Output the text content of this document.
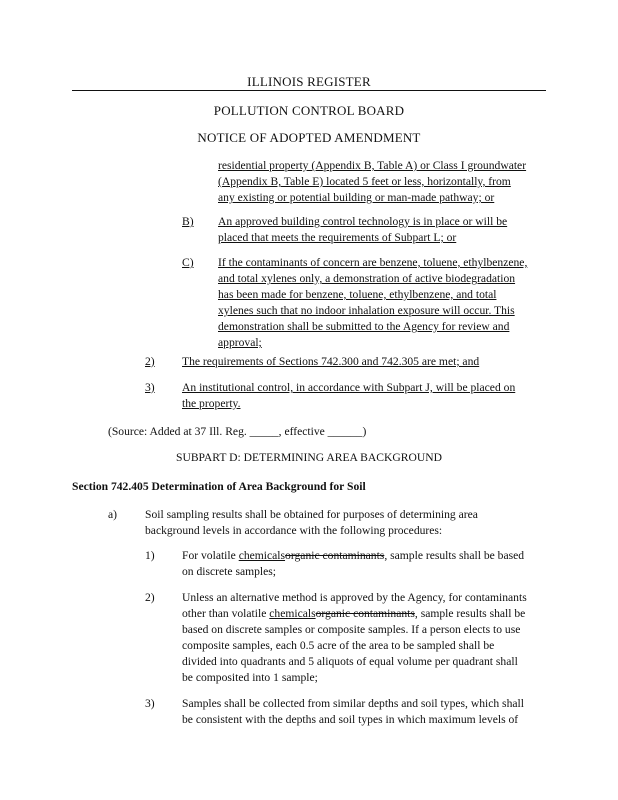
ILLINOIS REGISTER
POLLUTION CONTROL BOARD
NOTICE OF ADOPTED AMENDMENT
residential property (Appendix B, Table A) or Class I groundwater
(Appendix B, Table E) located 5 feet or less, horizontally, from
any existing or potential building or man-made pathway; or
B) An approved building control technology is in place or will be
placed that meets the requirements of Subpart L; or
C) If the contaminants of concern are benzene, toluene, ethylbenzene,
and total xylenes only, a demonstration of active biodegradation
has been made for benzene, toluene, ethylbenzene, and total
xylenes such that no indoor inhalation exposure will occur. This
demonstration shall be submitted to the Agency for review and
approval;
2) The requirements of Sections 742.300 and 742.305 are met; and
3) An institutional control, in accordance with Subpart J, will be placed on
the property.
(Source: Added at 37 Ill. Reg. _____, effective ______)
SUBPART D: DETERMINING AREA BACKGROUND
Section 742.405 Determination of Area Background for Soil
a) Soil sampling results shall be obtained for purposes of determining area
background levels in accordance with the following procedures:
1) For volatile chemicalsorganic contaminants, sample results shall be based
on discrete samples;
2) Unless an alternative method is approved by the Agency, for contaminants
other than volatile chemicalsorganic contaminants, sample results shall be
based on discrete samples or composite samples. If a person elects to use
composite samples, each 0.5 acre of the area to be sampled shall be
divided into quadrants and 5 aliquots of equal volume per quadrant shall
be composited into 1 sample;
3) Samples shall be collected from similar depths and soil types, which shall
be consistent with the depths and soil types in which maximum levels of
